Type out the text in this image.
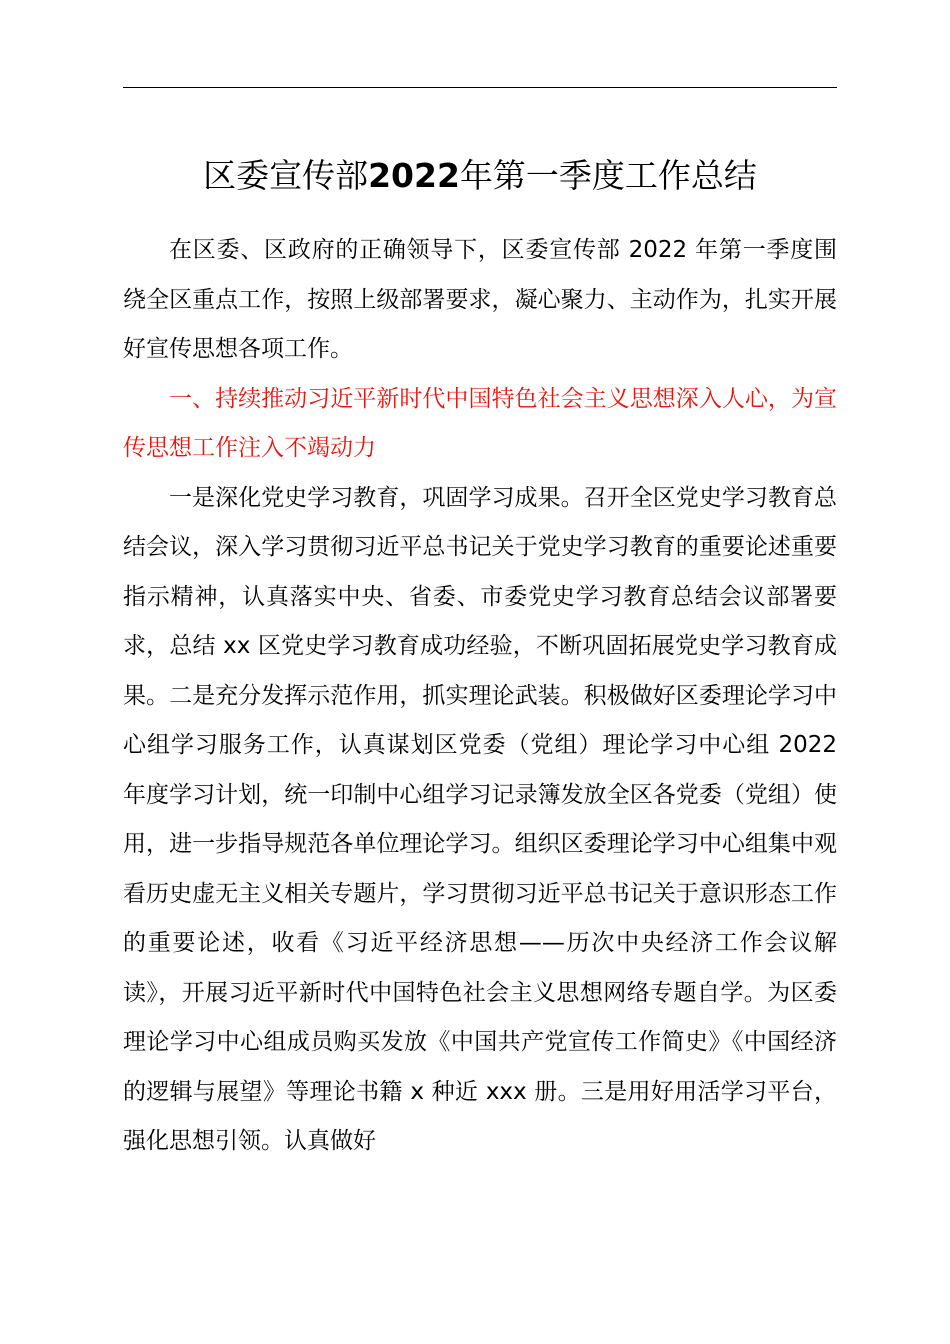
区委宣传部2022年第一季度工作总结

在区委、区政府的正确领导下，区委宣传部 2022 年第一季度围绕全区重点工作，按照上级部署要求，凝心聚力、主动作为，扎实开展好宣传思想各项工作。

一、持续推动习近平新时代中国特色社会主义思想深入人心，为宣传思想工作注入不竭动力

一是深化党史学习教育，巩固学习成果。召开全区党史学习教育总结会议，深入学习贯彻习近平总书记关于党史学习教育的重要论述重要指示精神，认真落实中央、省委、市委党史学习教育总结会议部署要求，总结 xx 区党史学习教育成功经验，不断巩固拓展党史学习教育成果。二是充分发挥示范作用，抓实理论武装。积极做好区委理论学习中心组学习服务工作，认真谋划区党委（党组）理论学习中心组 2022 年度学习计划，统一印制中心组学习记录簿发放全区各党委（党组）使用，进一步指导规范各单位理论学习。组织区委理论学习中心组集中观看历史虚无主义相关专题片，学习贯彻习近平总书记关于意识形态工作的重要论述，收看《习近平经济思想——历次中央经济工作会议解读》，开展习近平新时代中国特色社会主义思想网络专题自学。为区委理论学习中心组成员购买发放《中国共产党宣传工作简史》《中国经济的逻辑与展望》等理论书籍 x 种近 xxx 册。三是用好用活学习平台，强化思想引领。认真做好
